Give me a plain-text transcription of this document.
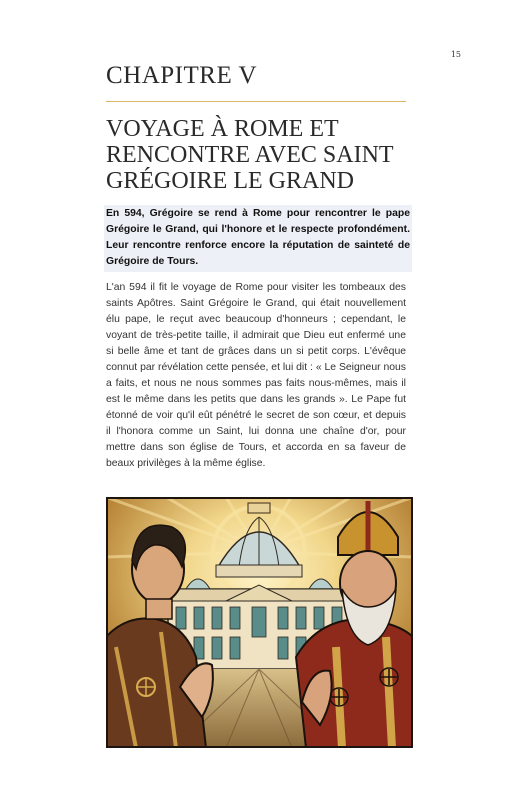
15
CHAPITRE V
VOYAGE À ROME ET RENCONTRE AVEC SAINT GRÉGOIRE LE GRAND
En 594, Grégoire se rend à Rome pour rencontrer le pape Grégoire le Grand, qui l'honore et le respecte profondément. Leur rencontre renforce encore la réputation de sainteté de Grégoire de Tours.

L'an 594 il fit le voyage de Rome pour visiter les tombeaux des saints Apôtres. Saint Grégoire le Grand, qui était nouvellement élu pape, le reçut avec beaucoup d'honneurs ; cependant, le voyant de très-petite taille, il admirait que Dieu eut enfermé une si belle âme et tant de grâces dans un si petit corps. L'évêque connut par révélation cette pensée, et lui dit : « Le Seigneur nous a faits, et nous ne nous sommes pas faits nous-mêmes, mais il est le même dans les petits que dans les grands ». Le Pape fut étonné de voir qu'il eût pénétré le secret de son cœur, et depuis il l'honora comme un Saint, lui donna une chaîne d'or, pour mettre dans son église de Tours, et accorda en sa faveur de beaux privilèges à la même église.
